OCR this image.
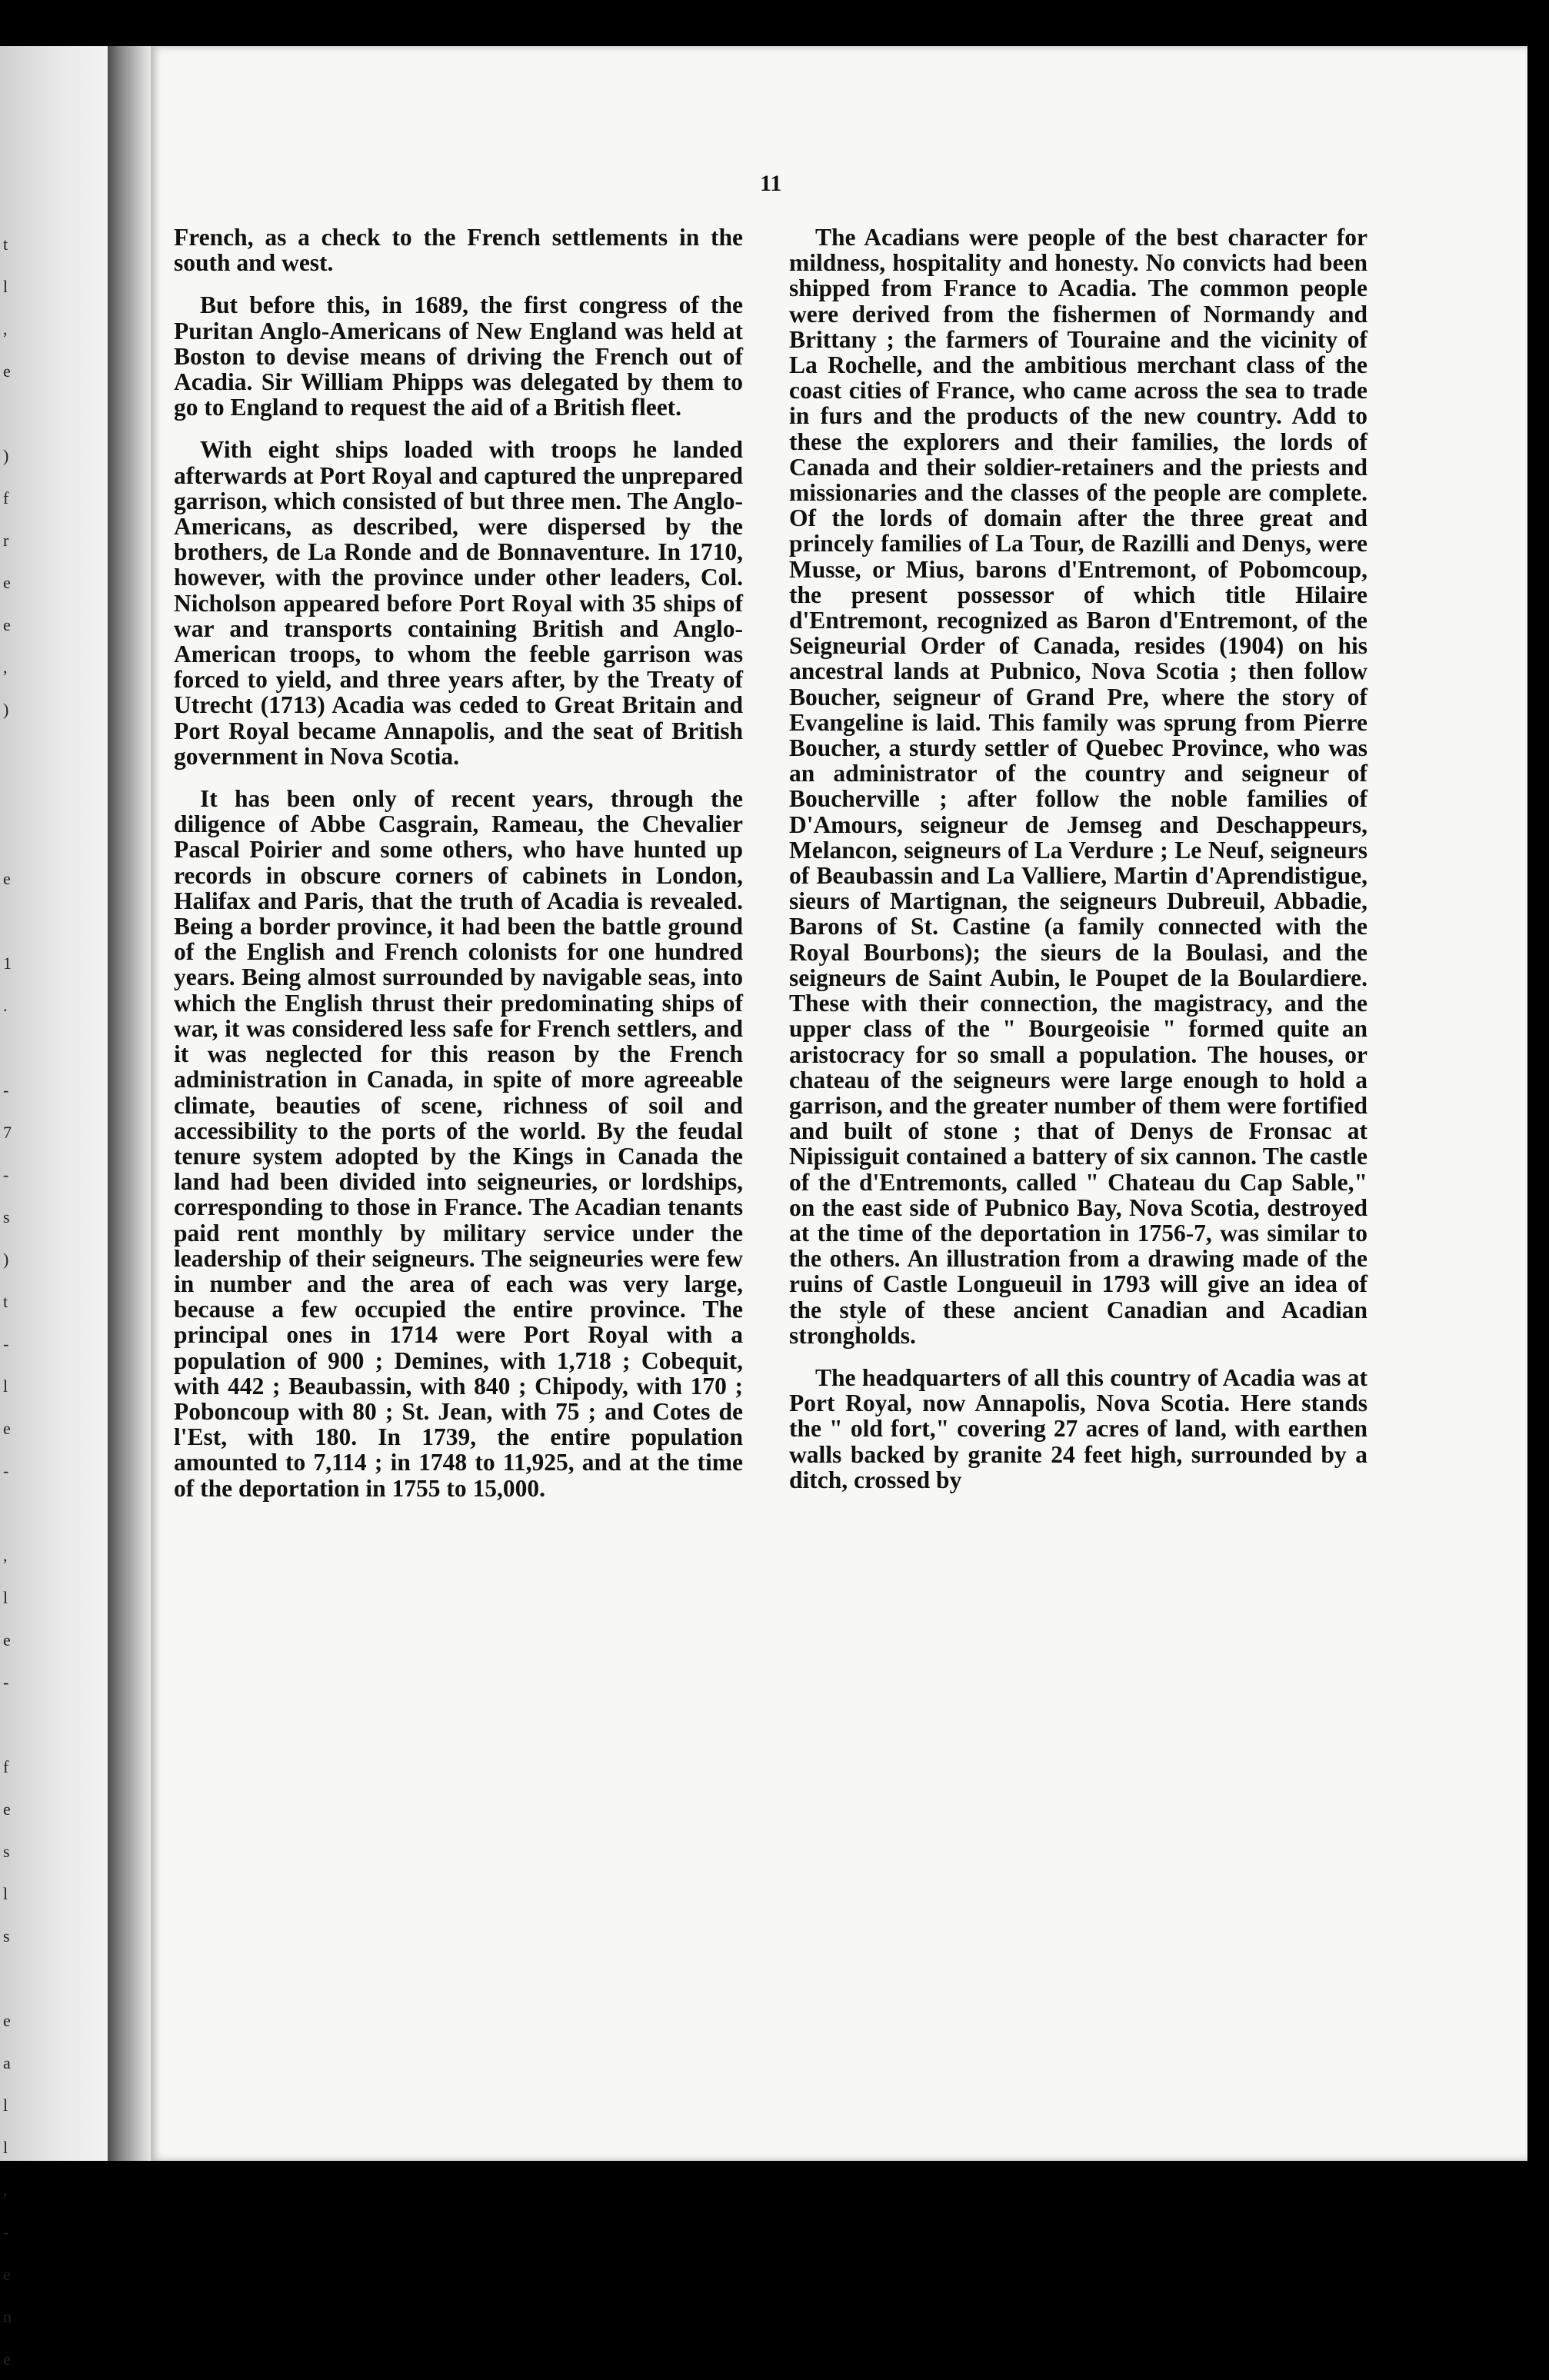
t
l
,
e

)
f
r
e
e
,
)

e

1
.

-
7
-
s
)
t
-
l
e
-

,
l
e
-

f
e
s
l
s

e
a
l
l
,
-
e
n
e
11

French, as a check to the French settlements in the south and west.

But before this, in 1689, the first congress of the Puritan Anglo-Americans of New England was held at Boston to devise means of driving the French out of Acadia. Sir William Phipps was delegated by them to go to England to request the aid of a British fleet.

With eight ships loaded with troops he landed afterwards at Port Royal and captured the unprepared garrison, which consisted of but three men. The Anglo-Americans, as described, were dispersed by the brothers, de La Ronde and de Bonnaventure. In 1710, however, with the province under other leaders, Col. Nicholson appeared before Port Royal with 35 ships of war and transports containing British and Anglo-American troops, to whom the feeble garrison was forced to yield, and three years after, by the Treaty of Utrecht (1713) Acadia was ceded to Great Britain and Port Royal became Annapolis, and the seat of British government in Nova Scotia.

It has been only of recent years, through the diligence of Abbe Casgrain, Rameau, the Chevalier Pascal Poirier and some others, who have hunted up records in obscure corners of cabinets in London, Halifax and Paris, that the truth of Acadia is revealed. Being a border province, it had been the battle ground of the English and French colonists for one hundred years. Being almost surrounded by navigable seas, into which the English thrust their predominating ships of war, it was considered less safe for French settlers, and it was neglected for this reason by the French administration in Canada, in spite of more agreeable climate, beauties of scene, richness of soil and accessibility to the ports of the world. By the feudal tenure system adopted by the Kings in Canada the land had been divided into seigneuries, or lordships, corresponding to those in France. The Acadian tenants paid rent monthly by military service under the leadership of their seigneurs. The seigneuries were few in number and the area of each was very large, because a few occupied the entire province. The principal ones in 1714 were Port Royal with a population of 900 ; Demines, with 1,718 ; Cobequit, with 442 ; Beaubassin, with 840 ; Chipody, with 170 ; Poboncoup with 80 ; St. Jean, with 75 ; and Cotes de l'Est, with 180. In 1739, the entire population amounted to 7,114 ; in 1748 to 11,925, and at the time of the deportation in 1755 to 15,000.

The Acadians were people of the best character for mildness, hospitality and honesty. No convicts had been shipped from France to Acadia. The common people were derived from the fishermen of Normandy and Brittany ; the farmers of Touraine and the vicinity of La Rochelle, and the ambitious merchant class of the coast cities of France, who came across the sea to trade in furs and the products of the new country. Add to these the explorers and their families, the lords of Canada and their soldier-retainers and the priests and missionaries and the classes of the people are complete. Of the lords of domain after the three great and princely families of La Tour, de Razilli and Denys, were Musse, or Mius, barons d'Entremont, of Pobomcoup, the present possessor of which title Hilaire d'Entremont, recognized as Baron d'Entremont, of the Seigneurial Order of Canada, resides (1904) on his ancestral lands at Pubnico, Nova Scotia ; then follow Boucher, seigneur of Grand Pre, where the story of Evangeline is laid. This family was sprung from Pierre Boucher, a sturdy settler of Quebec Province, who was an administrator of the country and seigneur of Boucherville ; after follow the noble families of D'Amours, seigneur de Jemseg and Deschappeurs, Melancon, seigneurs of La Verdure ; Le Neuf, seigneurs of Beaubassin and La Valliere, Martin d'Aprendistigue, sieurs of Martignan, the seigneurs Dubreuil, Abbadie, Barons of St. Castine (a family connected with the Royal Bourbons); the sieurs de la Boulasi, and the seigneurs de Saint Aubin, le Poupet de la Boulardiere. These with their connection, the magistracy, and the upper class of the " Bourgeoisie " formed quite an aristocracy for so small a population. The houses, or chateau of the seigneurs were large enough to hold a garrison, and the greater number of them were fortified and built of stone ; that of Denys de Fronsac at Nipissiguit contained a battery of six cannon. The castle of the d'Entremonts, called " Chateau du Cap Sable," on the east side of Pubnico Bay, Nova Scotia, destroyed at the time of the deportation in 1756-7, was similar to the others. An illustration from a drawing made of the ruins of Castle Longueuil in 1793 will give an idea of the style of these ancient Canadian and Acadian strongholds.

The headquarters of all this country of Acadia was at Port Royal, now Annapolis, Nova Scotia. Here stands the " old fort," covering 27 acres of land, with earthen walls backed by granite 24 feet high, surrounded by a ditch, crossed by
